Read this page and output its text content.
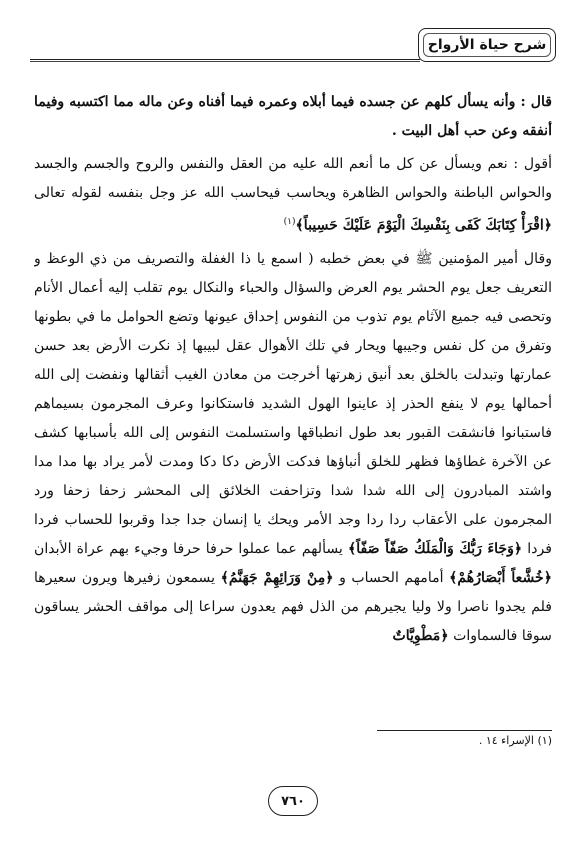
شرح حياة الأرواح
قال : وأنه يسأل كلهم عن جسده فيما أبلاه وعمره فيما أفناه وعن ماله مما اكتسبه وفيما أنفقه وعن حب أهل البيت .
أقول : نعم ويسأل عن كل ما أنعم الله عليه من العقل والنفس والروح والجسم والجسد والحواس الباطنة والحواس الظاهرة ويحاسب فيحاسب الله عز وجل بنفسه لقوله تعالى ﴿اقْرَأْ كِتَابَكَ كَفَى بِنَفْسِكَ الْيَوْمَ عَلَيْكَ حَسِيباً﴾$^{(١)}$
وقال أمير المؤمنين ﷺ في بعض خطبه ( اسمع يا ذا الغفلة والتصريف من ذي الوعظ و التعريف جعل يوم الحشر يوم العرض والسؤال والحباء والنكال يوم تقلب إليه أعمال الأنام وتحصى فيه جميع الآثام يوم تذوب من النفوس إحداق عيونها وتضع الحوامل ما في بطونها وتفرق من كل نفس وجيبها ويحار في تلك الأهوال عقل لبيبها إذ نكرت الأرض بعد حسن عمارتها وتبدلت بالخلق بعد أنيق زهرتها أخرجت من معادن الغيب أثقالها ونفضت إلى الله أحمالها يوم لا ينفع الحذر إذ عاينوا الهول الشديد فاستكانوا وعرف المجرمون بسيماهم فاستبانوا فانشقت القبور بعد طول انطباقها واستسلمت النفوس إلى الله بأسبابها كشف عن الآخرة غطاؤها فظهر للخلق أنباؤها فدكت الأرض دكا دكا ومدت لأمر يراد بها مدا مدا واشتد المبادرون إلى الله شدا شدا وتزاحفت الخلائق إلى المحشر زحفا زحفا ورد المجرمون على الأعقاب ردا ردا وجد الأمر ويحك يا إنسان جدا جدا وقربوا للحساب فردا فردا ﴿وَجَاءَ رَبُّكَ وَالْمَلَكُ صَفّاً صَفّاً﴾ يسألهم عما عملوا حرفا حرفا وجيء بهم عراة الأبدان ﴿خُشَّعاً أَبْصَارُهُمْ﴾ أمامهم الحساب و ﴿مِنْ وَرَائِهِمْ جَهَنَّمُ﴾ يسمعون زفيرها ويرون سعيرها فلم يجدوا ناصرا ولا وليا يجيرهم من الذل فهم يعدون سراعا إلى مواقف الحشر يساقون سوقا فالسماوات ﴿مَطْوِيَّاتٌ
(١) الإسراء ١٤ .
٧٦٠
